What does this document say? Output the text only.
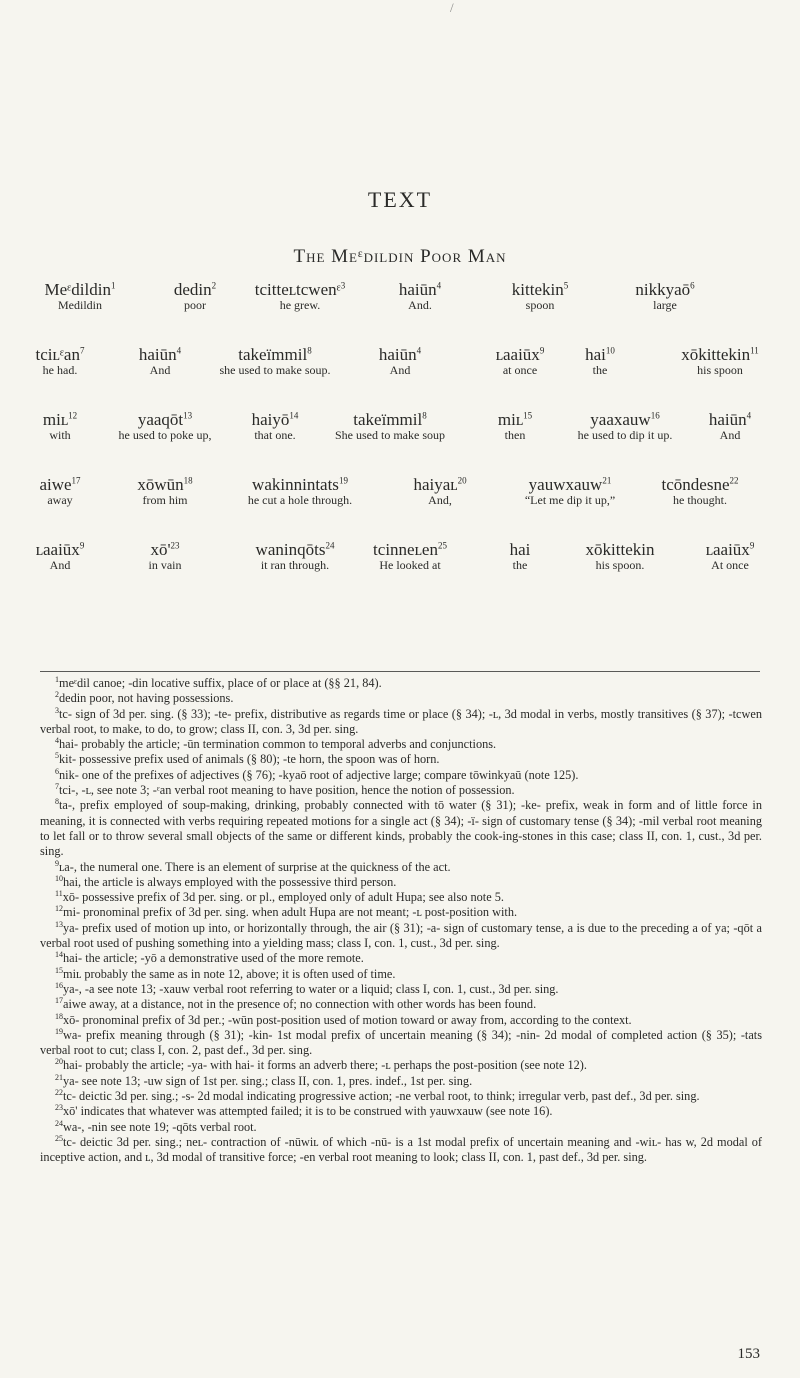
/
TEXT
The Meᵋdildin Poor Man
Meᵋdildin$^1$
Medildin
dedin$^2$
poor
tcitteʟtcwenᵋ$^3$
he grew.
haiūn$^4$
And.
kittekin$^5$
spoon
nikkyaō$^6$
large
tciʟᵋan$^7$
he had.
haiūn$^4$
And
takeïmmil$^8$
she used to make soup.
haiūn$^4$
And
ʟaaiūx$^9$
at once
hai$^{10}$
the
xōkittekin$^{11}$
his spoon
miʟ$^{12}$
with
yaaqōt$^{13}$
he used to poke up,
haiyō$^{14}$
that one.
takeïmmil$^8$
She used to make soup
miʟ$^{15}$
then
yaaxauw$^{16}$
he used to dip it up.
haiūn$^4$
And
aiwe$^{17}$
away
xōwūn$^{18}$
from him
wakinnintats$^{19}$
he cut a hole through.
haiyaʟ$^{20}$
And,
yauwxauw$^{21}$
“Let me dip it up,”
tcōndesne$^{22}$
he thought.
ʟaaiūx$^9$
And
$xō'^{23}$
in vain
waninqōts$^{24}$
it ran through.
tcinneʟen$^{25}$
He looked at
hai
the
xōkittekin
his spoon.
ʟaaiūx$^9$
At once

$^1$meᵋdil canoe; -din locative suffix, place of or place at (§§ 21, 84).

$^2$dedin poor, not having possessions.

$^3$tc- sign of 3d per. sing. (§ 33); -te- prefix, distributive as regards time or place (§ 34); -ʟ, 3d modal in verbs, mostly transitives (§ 37); -tcwen verbal root, to make, to do, to grow; class II, con. 3, 3d per. sing.

$^4$hai- probably the article; -ūn termination common to temporal adverbs and conjunctions.

$^5$kit- possessive prefix used of animals (§ 80); -te horn, the spoon was of horn.

$^6$nik- one of the prefixes of adjectives (§ 76); -kyaō root of adjective large; compare tōwinkyaū (note 125).

$^7$tci-, -ʟ, see note 3; -ᵋan verbal root meaning to have position, hence the notion of possession.

$^8$ta-, prefix employed of soup-making, drinking, probably connected with tō water (§ 31); -ke- prefix, weak in form and of little force in meaning, it is connected with verbs requiring repeated motions for a single act (§ 34); -ï- sign of customary tense (§ 34); -mil verbal root meaning to let fall or to throw several small objects of the same or different kinds, probably the cook-ing-stones in this case; class II, con. 1, cust., 3d per. sing.

$^9$ʟa-, the numeral one. There is an element of surprise at the quickness of the act.

$^{10}$hai, the article is always employed with the possessive third person.

$^{11}$xō- possessive prefix of 3d per. sing. or pl., employed only of adult Hupa; see also note 5.

$^{12}$mi- pronominal prefix of 3d per. sing. when adult Hupa are not meant; -ʟ post-position with.

$^{13}$ya- prefix used of motion up into, or horizontally through, the air (§ 31); -a- sign of customary tense, a is due to the preceding a of ya; -qōt a verbal root used of pushing something into a yielding mass; class I, con. 1, cust., 3d per. sing.

$^{14}$hai- the article; -yō a demonstrative used of the more remote.

$^{15}$miʟ probably the same as in note 12, above; it is often used of time.

$^{16}$ya-, -a see note 13; -xauw verbal root referring to water or a liquid; class I, con. 1, cust., 3d per. sing.

$^{17}$aiwe away, at a distance, not in the presence of; no connection with other words has been found.

$^{18}$xō- pronominal prefix of 3d per.; -wūn post-position used of motion toward or away from, according to the context.

$^{19}$wa- prefix meaning through (§ 31); -kin- 1st modal prefix of uncertain meaning (§ 34); -nin- 2d modal of completed action (§ 35); -tats verbal root to cut; class I, con. 2, past def., 3d per. sing.

$^{20}$hai- probably the article; -ya- with hai- it forms an adverb there; -ʟ perhaps the post-position (see note 12).

$^{21}$ya- see note 13; -uw sign of 1st per. sing.; class II, con. 1, pres. indef., 1st per. sing.

$^{22}$tc- deictic 3d per. sing.; -s- 2d modal indicating progressive action; -ne verbal root, to think; irregular verb, past def., 3d per. sing.

$^{23}$xō' indicates that whatever was attempted failed; it is to be construed with yauwxauw (see note 16).

$^{24}$wa-, -nin see note 19; -qōts verbal root.

$^{25}$tc- deictic 3d per. sing.; neʟ- contraction of -nūwiʟ of which -nū- is a 1st modal prefix of uncertain meaning and -wiʟ- has w, 2d modal of inceptive action, and ʟ, 3d modal of transitive force; -en verbal root meaning to look; class II, con. 1, past def., 3d per. sing.

153
